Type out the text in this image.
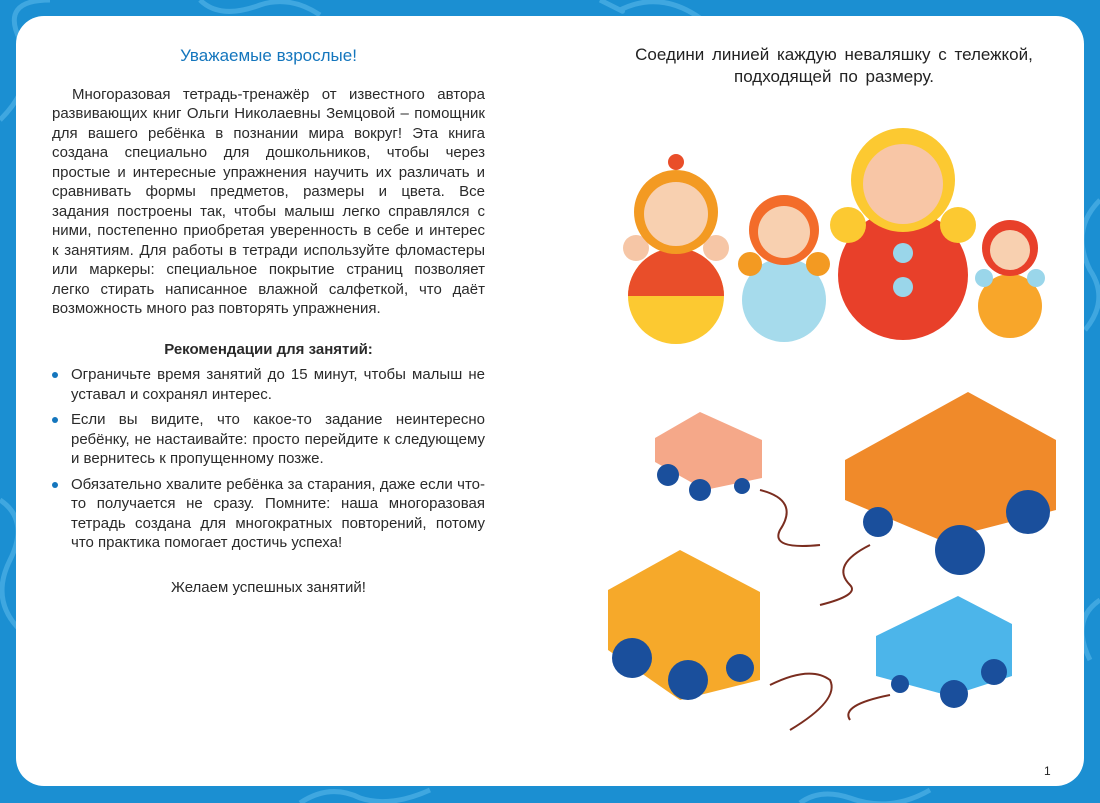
Уважаемые взрослые!

Многоразовая тетрадь-тренажёр от известного автора развивающих книг Ольги Николаевны Земцовой – помощник для вашего ребёнка в познании мира вокруг! Эта книга создана специально для дошкольников, чтобы через простые и интересные упражнения научить их различать и сравнивать формы предметов, размеры и цвета. Все задания построены так, чтобы малыш легко справлялся с ними, постепенно приобретая уверенность в себе и интерес к занятиям. Для работы в тетради используйте фломастеры или маркеры: специальное покрытие страниц позволяет легко стирать написанное влажной салфеткой, что даёт возможность много раз повторять упражнения.

Рекомендации для занятий:
Ограничьте время занятий до 15 минут, чтобы малыш не уставал и сохранял интерес.
Если вы видите, что какое-то задание неинтересно ребёнку, не настаивайте: просто перейдите к следующему и вернитесь к пропущенному позже.
Обязательно хвалите ребёнка за старания, даже если что-то получается не сразу. Помните: наша многоразовая тетрадь создана для многократных повторений, потому что практика помогает достичь успеха!
Желаем успешных занятий!
Соедини линией каждую неваляшку с тележкой, подходящей по размеру.
1
